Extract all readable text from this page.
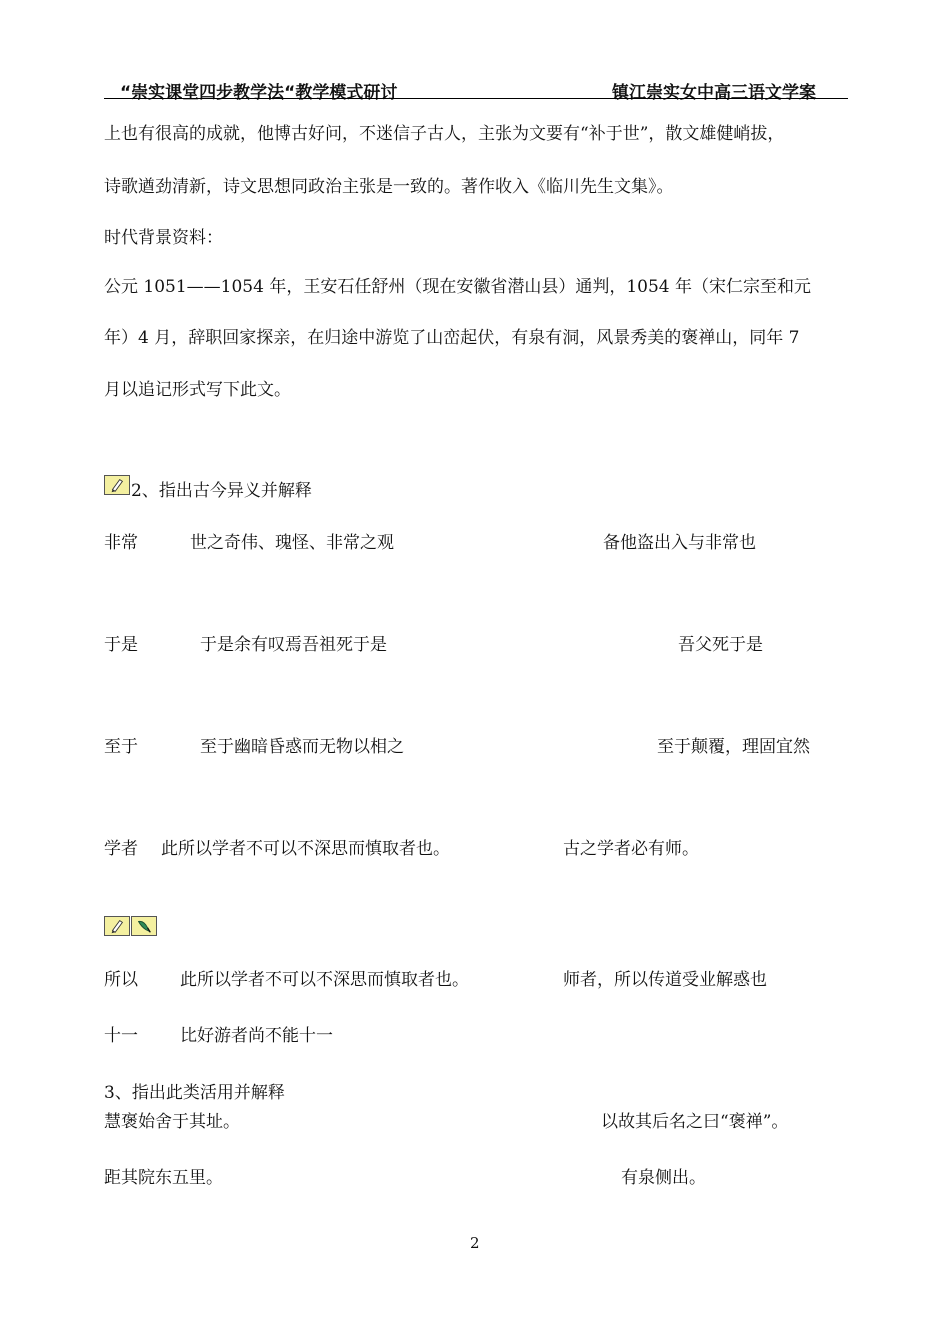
“崇实课堂四步教学法“教学模式研讨	镇江崇实女中高三语文学案
上也有很高的成就，他博古好问，不迷信子古人，主张为文要有“补于世”，散文雄健峭拔，
诗歌遒劲清新，诗文思想同政治主张是一致的。著作收入《临川先生文集》。
时代背景资料：
公元 1051——1054 年，王安石任舒州（现在安徽省潜山县）通判，1054 年（宋仁宗至和元
年）4 月，辞职回家探亲，在归途中游览了山峦起伏，有泉有洞，风景秀美的褒禅山，同年 7
月以追记形式写下此文。
2、指出古今异义并解释
非常	世之奇伟、瑰怪、非常之观	备他盗出入与非常也
于是	于是余有叹焉吾祖死于是	吾父死于是
至于	至于幽暗昏惑而无物以相之	至于颠覆，理固宜然
学者 此所以学者不可以不深思而慎取者也。	古之学者必有师。
所以 此所以学者不可以不深思而慎取者也。	师者，所以传道受业解惑也
十一 比好游者尚不能十一
3、指出此类活用并解释
慧褒始舍于其址。	以故其后名之曰“褒禅”。
距其院东五里。	有泉侧出。
2
